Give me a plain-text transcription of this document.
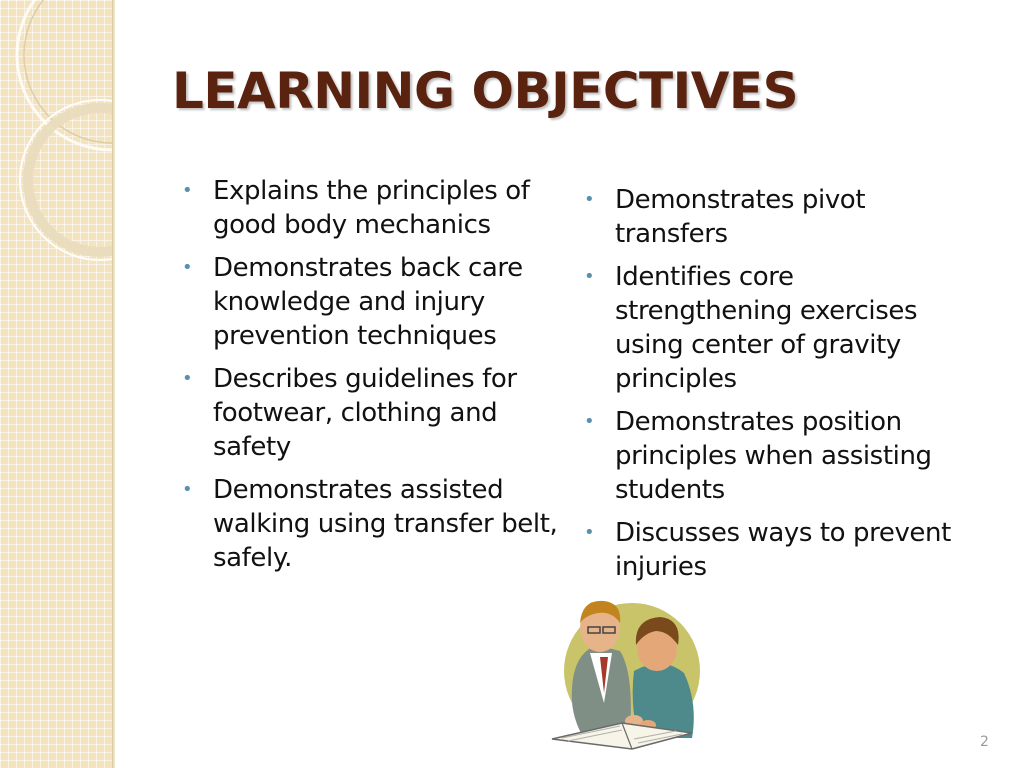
LEARNING OBJECTIVES
• Explains the principles of good body mechanics
• Demonstrates back care knowledge and injury prevention techniques
• Describes guidelines for footwear, clothing and safety
• Demonstrates assisted walking using transfer belt, safely.
• Demonstrates pivot transfers
• Identifies core strengthening exercises using center of gravity principles
• Demonstrates position principles when assisting students
• Discusses ways to prevent injuries
2
